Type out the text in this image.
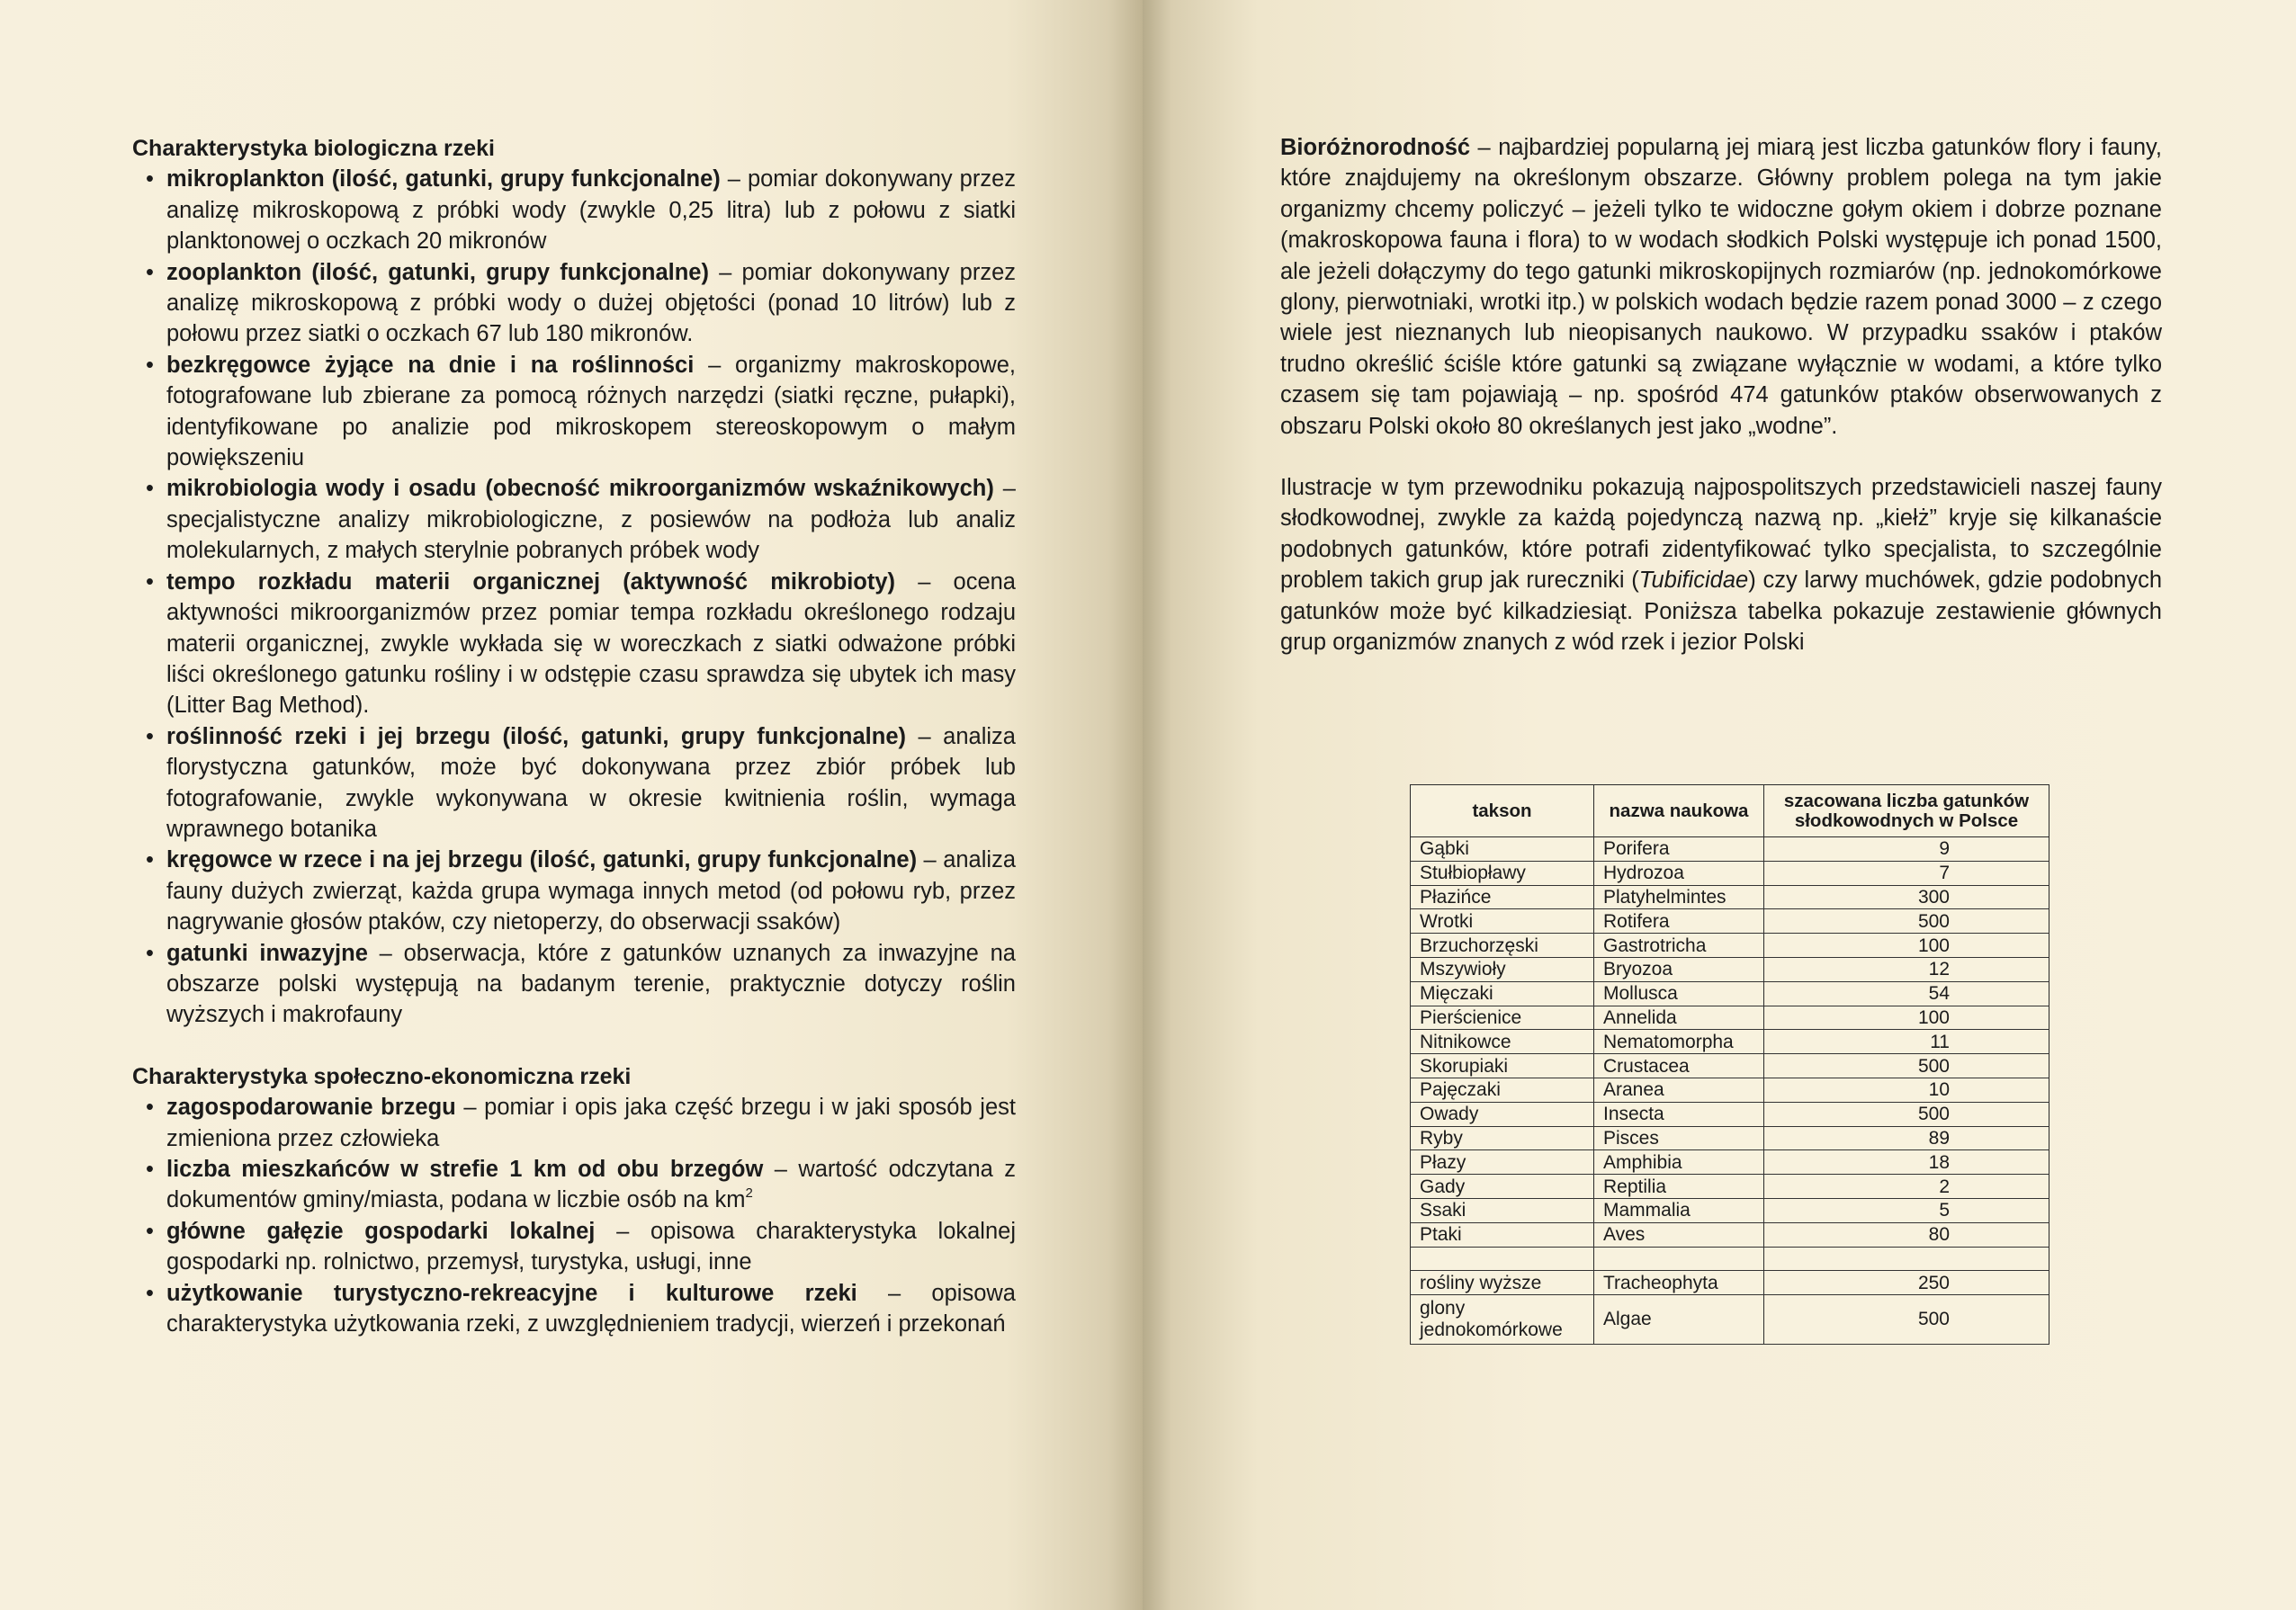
Charakterystyka biologiczna rzeki
• mikroplankton (ilość, gatunki, grupy funkcjonalne) – pomiar dokonywany przez analizę mikroskopową z próbki wody (zwykle 0,25 litra) lub z połowu z siatki planktonowej o oczkach 20 mikronów
• zooplankton (ilość, gatunki, grupy funkcjonalne) – pomiar dokonywany przez analizę mikroskopową z próbki wody o dużej objętości (ponad 10 litrów) lub z połowu przez siatki o oczkach 67 lub 180 mikronów.
• bezkręgowce żyjące na dnie i na roślinności – organizmy makroskopowe, fotografowane lub zbierane za pomocą różnych narzędzi (siatki ręczne, pułapki), identyfikowane po analizie pod mikroskopem stereoskopowym o małym powiększeniu
• mikrobiologia wody i osadu (obecność mikroorganizmów wskaźnikowych) – specjalistyczne analizy mikrobiologiczne, z posiewów na podłoża lub analiz molekularnych, z małych sterylnie pobranych próbek wody
• tempo rozkładu materii organicznej (aktywność mikrobioty) – ocena aktywności mikroorganizmów przez pomiar tempa rozkładu określonego rodzaju materii organicznej, zwykle wykłada się w woreczkach z siatki odważone próbki liści określonego gatunku rośliny i w odstępie czasu sprawdza się ubytek ich masy (Litter Bag Method).
• roślinność rzeki i jej brzegu (ilość, gatunki, grupy funkcjonalne) – analiza florystyczna gatunków, może być dokonywana przez zbiór próbek lub fotografowanie, zwykle wykonywana w okresie kwitnienia roślin, wymaga wprawnego botanika
• kręgowce w rzece i na jej brzegu (ilość, gatunki, grupy funkcjonalne) – analiza fauny dużych zwierząt, każda grupa wymaga innych metod (od połowu ryb, przez nagrywanie głosów ptaków, czy nietoperzy, do obserwacji ssaków)
• gatunki inwazyjne – obserwacja, które z gatunków uznanych za inwazyjne na obszarze polski występują na badanym terenie, praktycznie dotyczy roślin wyższych i makrofauny
Charakterystyka społeczno-ekonomiczna rzeki
• zagospodarowanie brzegu – pomiar i opis jaka część brzegu i w jaki sposób jest zmieniona przez człowieka
• liczba mieszkańców w strefie 1 km od obu brzegów – wartość odczytana z dokumentów gminy/miasta, podana w liczbie osób na $km^2$
• główne gałęzie gospodarki lokalnej – opisowa charakterystyka lokalnej gospodarki np. rolnictwo, przemysł, turystyka, usługi, inne
• użytkowanie turystyczno-rekreacyjne i kulturowe rzeki – opisowa charakterystyka użytkowania rzeki, z uwzględnieniem tradycji, wierzeń i przekonań

Bioróżnorodność – najbardziej popularną jej miarą jest liczba gatunków flory i fauny, które znajdujemy na określonym obszarze. Główny problem polega na tym jakie organizmy chcemy policzyć – jeżeli tylko te widoczne gołym okiem i dobrze poznane (makroskopowa fauna i flora) to w wodach słodkich Polski występuje ich ponad 1500, ale jeżeli dołączymy do tego gatunki mikroskopijnych rozmiarów (np. jednokomórkowe glony, pierwotniaki, wrotki itp.) w polskich wodach będzie razem ponad 3000 – z czego wiele jest nieznanych lub nieopisanych naukowo. W przypadku ssaków i ptaków trudno określić ściśle które gatunki są związane wyłącznie w wodami, a które tylko czasem się tam pojawiają – np. spośród 474 gatunków ptaków obserwowanych z obszaru Polski około 80 określanych jest jako „wodne”.

Ilustracje w tym przewodniku pokazują najpospolitszych przedstawicieli naszej fauny słodkowodnej, zwykle za każdą pojedynczą nazwą np. „kiełż” kryje się kilkanaście podobnych gatunków, które potrafi zidentyfikować tylko specjalista, to szczególnie problem takich grup jak rureczniki (Tubificidae) czy larwy muchówek, gdzie podobnych gatunków może być kilkadziesiąt. Poniższa tabelka pokazuje zestawienie głównych grup organizmów znanych z wód rzek i jezior Polski

takson	nazwa naukowa	szacowana liczba gatunków słodkowodnych w Polsce
Gąbki	Porifera	9
Stułbiopławy	Hydrozoa	7
Płazińce	Platyhelmintes	300
Wrotki	Rotifera	500
Brzuchorzęski	Gastrotricha	100
Mszywioły	Bryozoa	12
Mięczaki	Mollusca	54
Pierścienice	Annelida	100
Nitnikowce	Nematomorpha	11
Skorupiaki	Crustacea	500
Pajęczaki	Aranea	10
Owady	Insecta	500
Ryby	Pisces	89
Płazy	Amphibia	18
Gady	Reptilia	2
Ssaki	Mammalia	5
Ptaki	Aves	80

rośliny wyższe	Tracheophyta	250
glony jednokomórkowe	Algae	500
